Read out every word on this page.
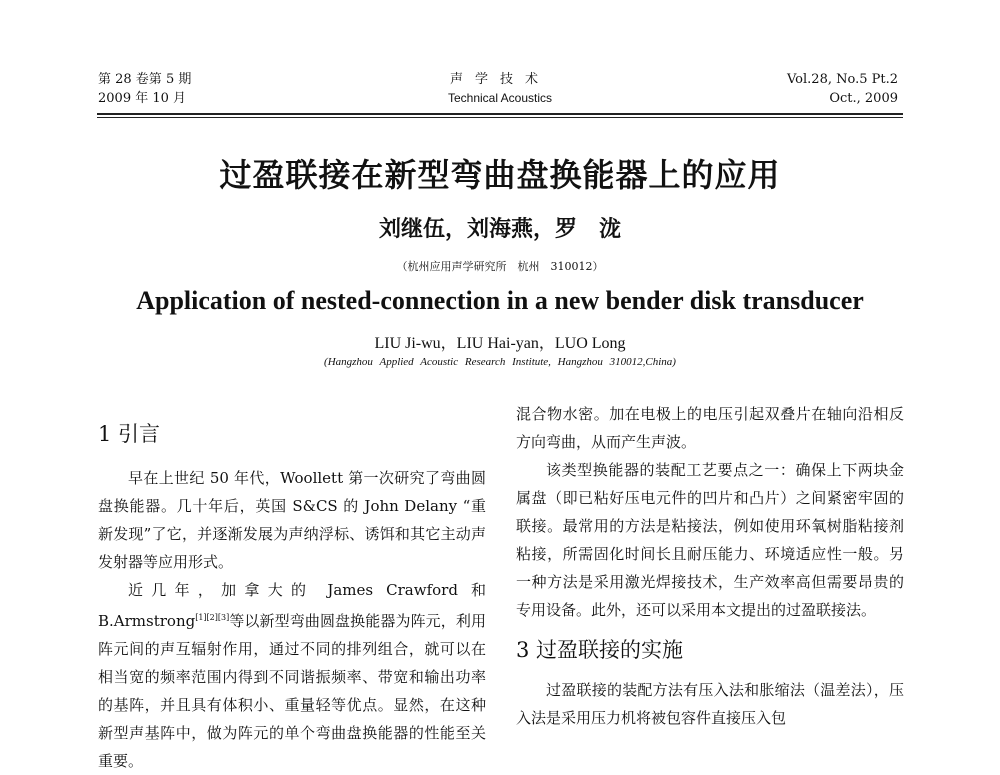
第 28 卷第 5 期
2009 年 10 月
声学技术
Technical Acoustics
Vol.28, No.5 Pt.2
Oct., 2009
过盈联接在新型弯曲盘换能器上的应用
刘继伍，刘海燕，罗　泷
（杭州应用声学研究所　杭州　310012）
Application of nested-connection in a new bender disk transducer
LIU Ji-wu，LIU Hai-yan，LUO Long
(Hangzhou Applied Acoustic Research Institute, Hangzhou 310012,China)
1 引言

早在上世纪 50 年代，Woollett 第一次研究了弯曲圆盘换能器。几十年后，英国 S&CS 的 John Delany “重新发现”了它，并逐渐发展为声纳浮标、诱饵和其它主动声发射器等应用形式。

近几年，加拿大的 James Crawford 和 B.Armstrong[1][2][3]等以新型弯曲圆盘换能器为阵元，利用阵元间的声互辐射作用，通过不同的排列组合，就可以在相当宽的频率范围内得到不同谐振频率、带宽和输出功率的基阵，并且具有体积小、重量轻等优点。显然，在这种新型声基阵中，做为阵元的单个弯曲盘换能器的性能至关重要。

混合物水密。加在电极上的电压引起双叠片在轴向沿相反方向弯曲，从而产生声波。

该类型换能器的装配工艺要点之一：确保上下两块金属盘（即已粘好压电元件的凹片和凸片）之间紧密牢固的联接。最常用的方法是粘接法，例如使用环氧树脂粘接剂粘接，所需固化时间长且耐压能力、环境适应性一般。另一种方法是采用激光焊接技术，生产效率高但需要昂贵的专用设备。此外，还可以采用本文提出的过盈联接法。

3 过盈联接的实施

过盈联接的装配方法有压入法和胀缩法（温差法），压入法是采用压力机将被包容件直接压入包
